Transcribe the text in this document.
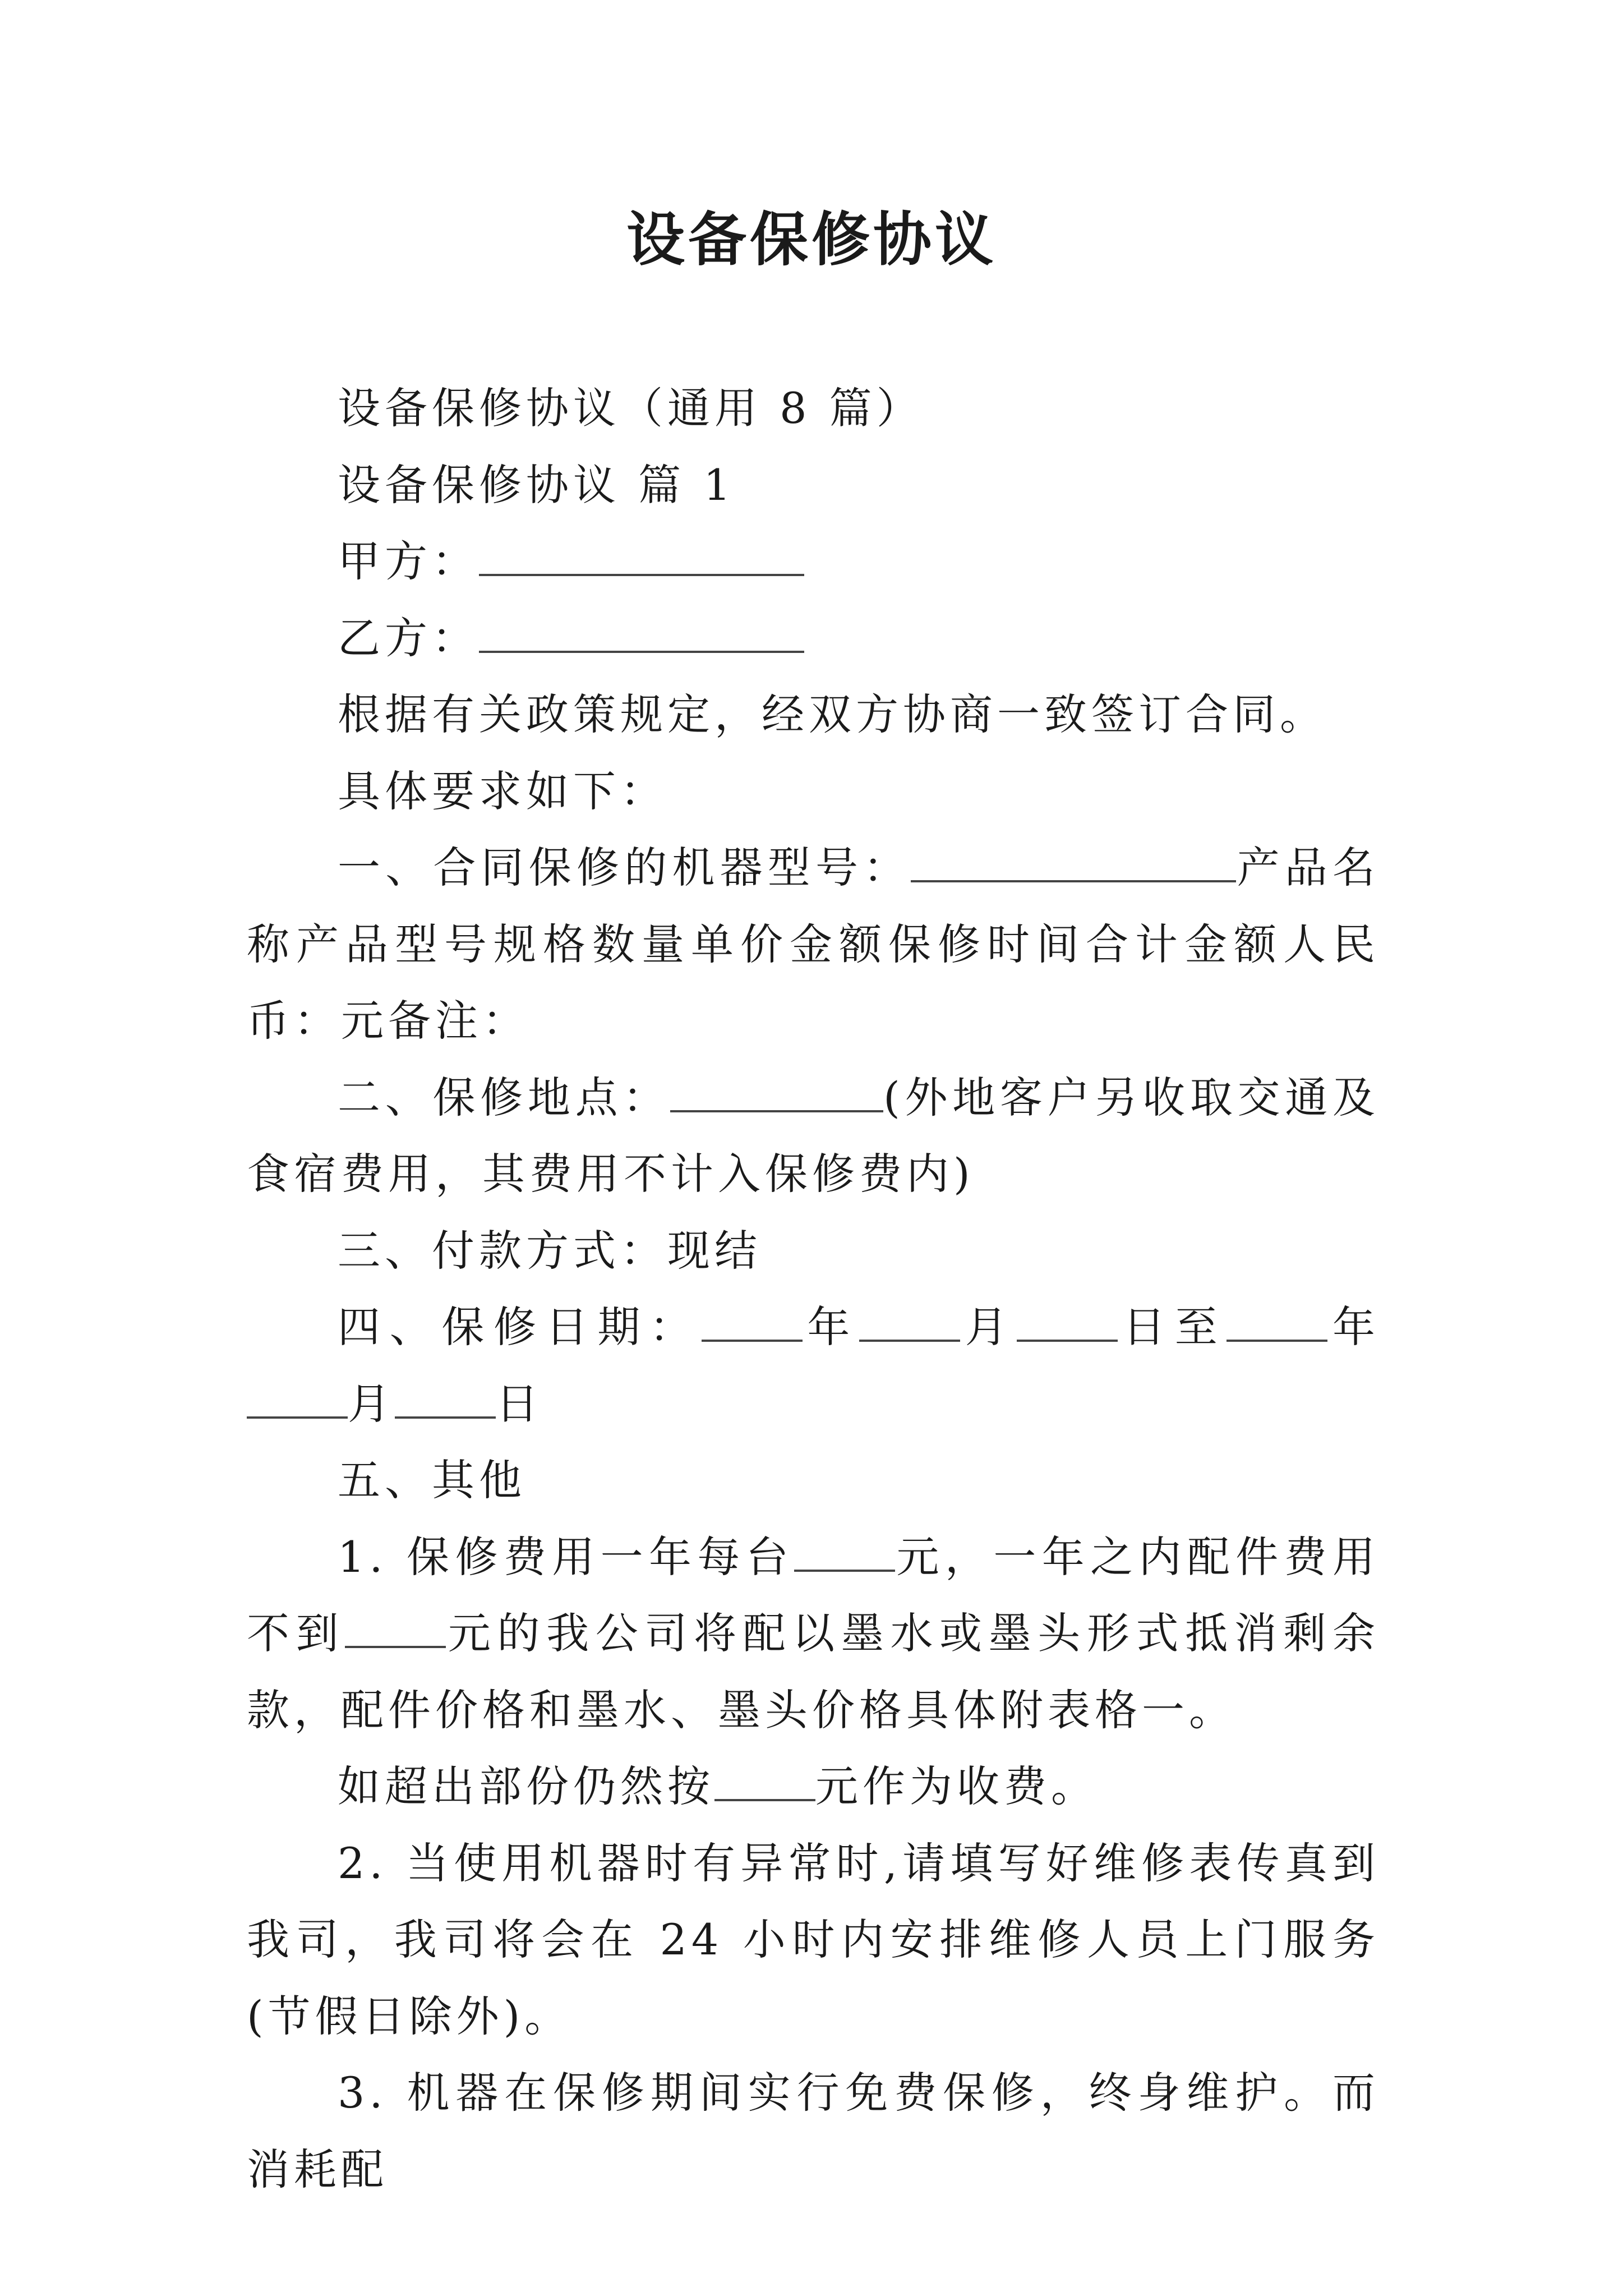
设备保修协议

设备保修协议（通用 8 篇）

设备保修协议 篇 1

甲方：

乙方：

根据有关政策规定，经双方协商一致签订合同。

具体要求如下：

一、合同保修的机器型号：	产品名称产品型号规格数量单价金额保修时间合计金额人民币：元备注：

二、保修地点：	(外地客户另收取交通及食宿费用，其费用不计入保修费内)

三、付款方式：现结

四、保修日期： 年 月 日至 年月 日

五、其他

1. 保修费用一年每台 元，一年之内配件费用不到 元的我公司将配以墨水或墨头形式抵消剩余款，配件价格和墨水、墨头价格具体附表格一。

如超出部份仍然按 元作为收费。

2. 当使用机器时有异常时,请填写好维修表传真到我司，我司将会在 24 小时内安排维修人员上门服务(节假日除外)。

3. 机器在保修期间实行免费保修，终身维护。而消耗配
